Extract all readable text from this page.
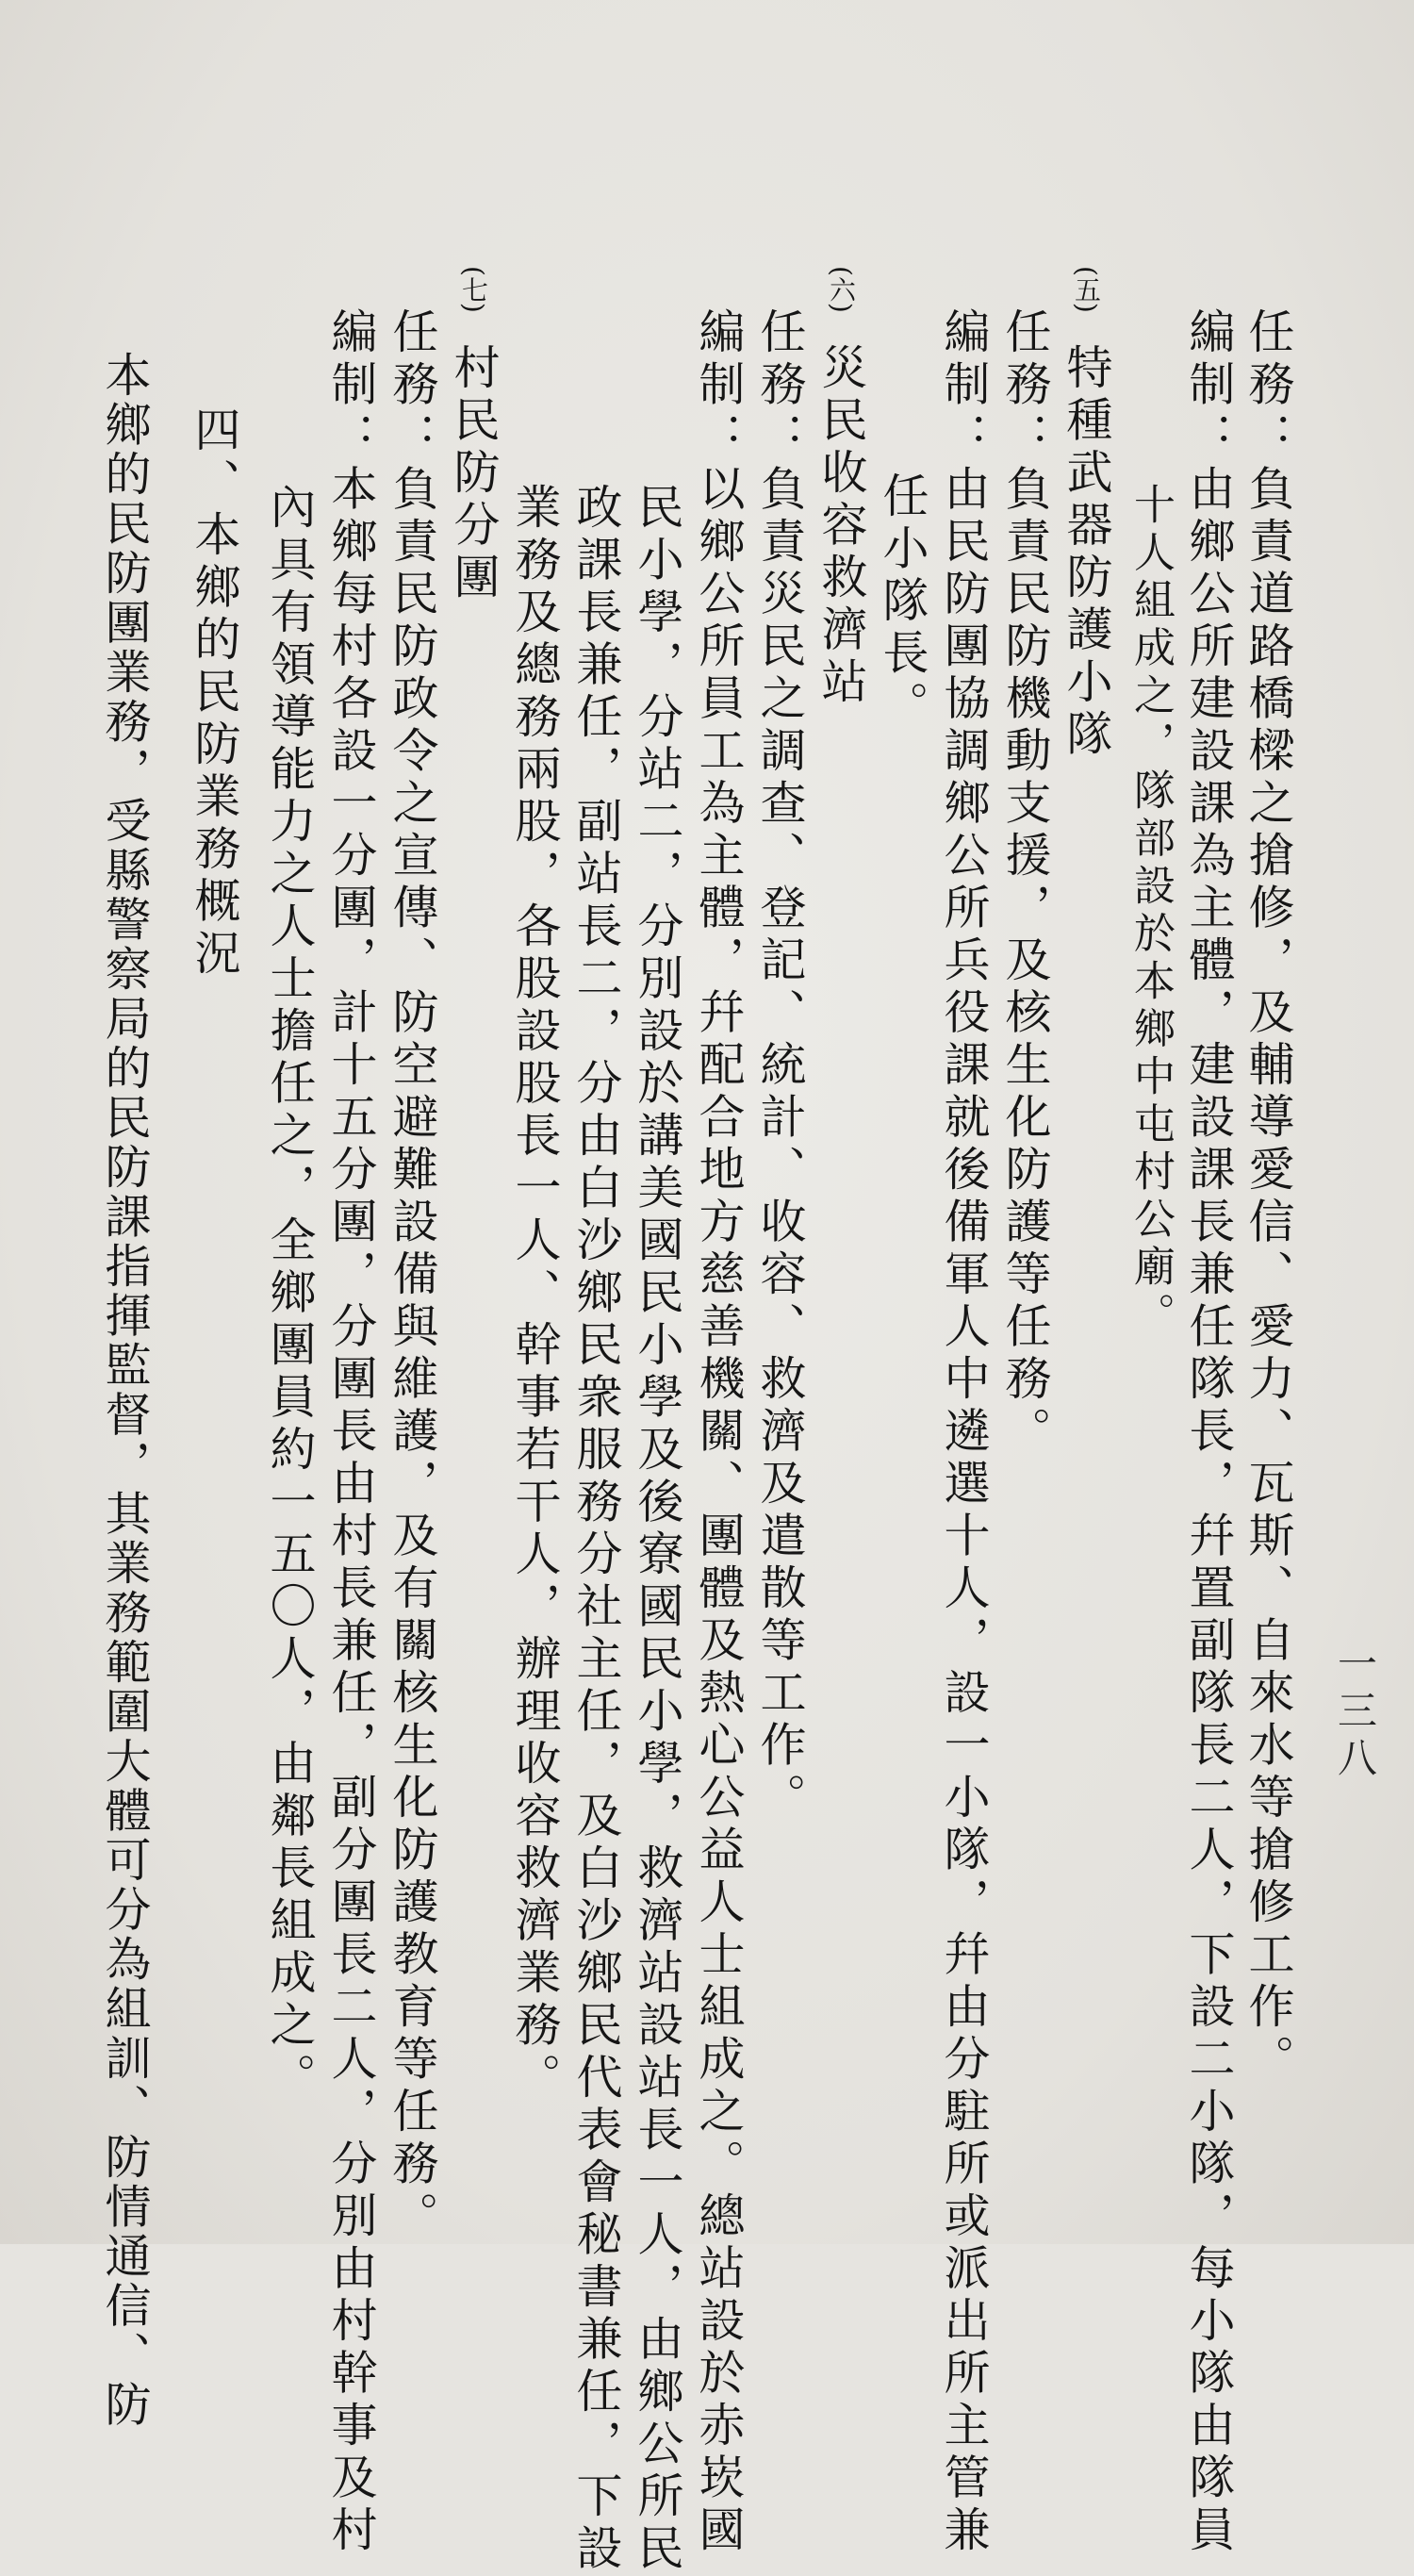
一三八
任務：負責道路橋樑之搶修，及輔導愛信、愛力、瓦斯、自來水等搶修工作。
編制：由鄉公所建設課為主體，建設課長兼任隊長，幷置副隊長二人，下設二小隊，每小隊由隊員
十人組成之，隊部設於本鄉中屯村公廟。
(五) 特種武器防護小隊
任務：負責民防機動支援，及核生化防護等任務。
編制：由民防團協調鄉公所兵役課就後備軍人中遴選十人，設一小隊，幷由分駐所或派出所主管兼
任小隊長。
(六) 災民收容救濟站
任務：負責災民之調查、登記、統計、收容、救濟及遣散等工作。
編制：以鄉公所員工為主體，幷配合地方慈善機關、團體及熱心公益人士組成之。總站設於赤崁國
民小學，分站二，分別設於講美國民小學及後寮國民小學，救濟站設站長一人，由鄉公所民
政課長兼任，副站長二，分由白沙鄉民衆服務分社主任，及白沙鄉民代表會秘書兼任，下設
業務及總務兩股，各股設股長一人、幹事若干人，辦理收容救濟業務。
(七) 村民防分團
任務：負責民防政令之宣傳、防空避難設備與維護，及有關核生化防護教育等任務。
編制：本鄉每村各設一分團，計十五分團，分團長由村長兼任，副分團長二人，分別由村幹事及村
內具有領導能力之人士擔任之，全鄉團員約一五〇人，由鄰長組成之。
四、本鄉的民防業務概況
本鄉的民防團業務，受縣警察局的民防課指揮監督，其業務範圍大體可分為組訓、防情通信、防
